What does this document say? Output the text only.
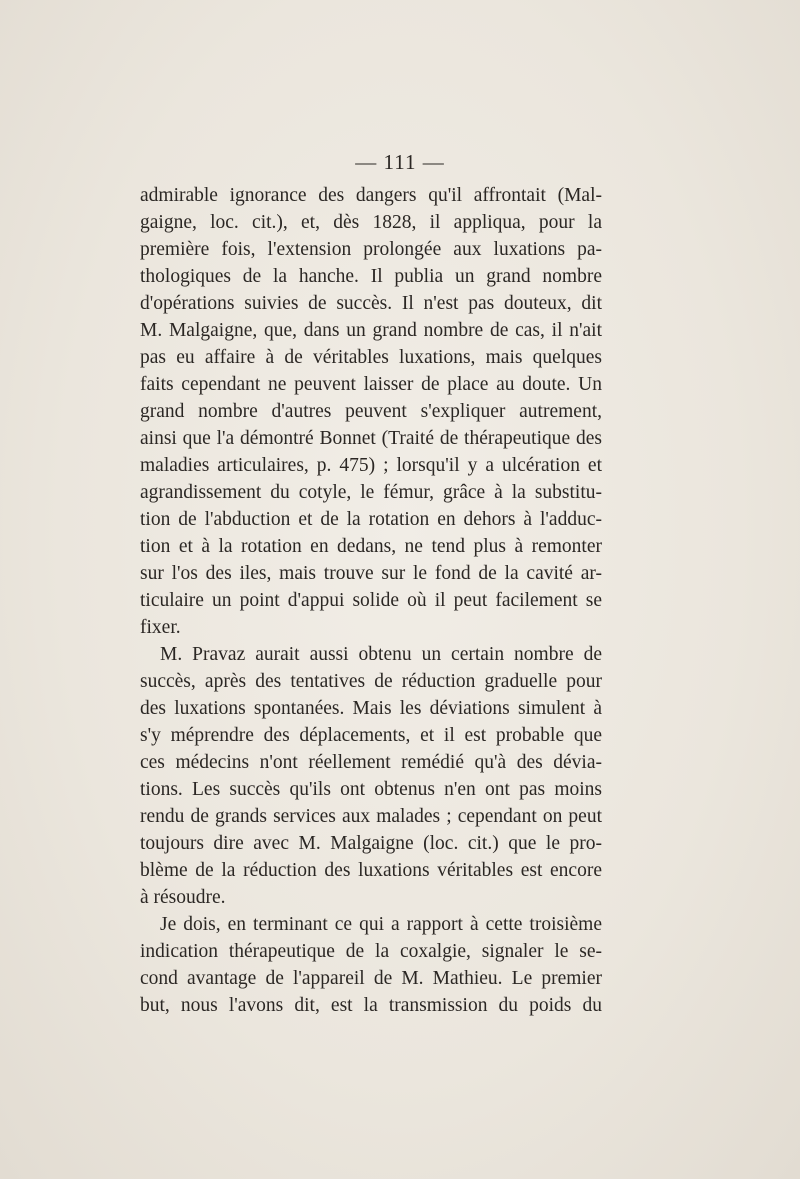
— 111 —
admirable ignorance des dangers qu'il affrontait (Mal-
gaigne, loc. cit.), et, dès 1828, il appliqua, pour la
première fois, l'extension prolongée aux luxations pa-
thologiques de la hanche. Il publia un grand nombre
d'opérations suivies de succès. Il n'est pas douteux, dit
M. Malgaigne, que, dans un grand nombre de cas, il n'ait
pas eu affaire à de véritables luxations, mais quelques
faits cependant ne peuvent laisser de place au doute. Un
grand nombre d'autres peuvent s'expliquer autrement,
ainsi que l'a démontré Bonnet (Traité de thérapeutique des
maladies articulaires, p. 475) ; lorsqu'il y a ulcération et
agrandissement du cotyle, le fémur, grâce à la substitu-
tion de l'abduction et de la rotation en dehors à l'adduc-
tion et à la rotation en dedans, ne tend plus à remonter
sur l'os des iles, mais trouve sur le fond de la cavité ar-
ticulaire un point d'appui solide où il peut facilement se
fixer.
M. Pravaz aurait aussi obtenu un certain nombre de
succès, après des tentatives de réduction graduelle pour
des luxations spontanées. Mais les déviations simulent à
s'y méprendre des déplacements, et il est probable que
ces médecins n'ont réellement remédié qu'à des dévia-
tions. Les succès qu'ils ont obtenus n'en ont pas moins
rendu de grands services aux malades ; cependant on peut
toujours dire avec M. Malgaigne (loc. cit.) que le pro-
blème de la réduction des luxations véritables est encore
à résoudre.
Je dois, en terminant ce qui a rapport à cette troisième
indication thérapeutique de la coxalgie, signaler le se-
cond avantage de l'appareil de M. Mathieu. Le premier
but, nous l'avons dit, est la transmission du poids du
